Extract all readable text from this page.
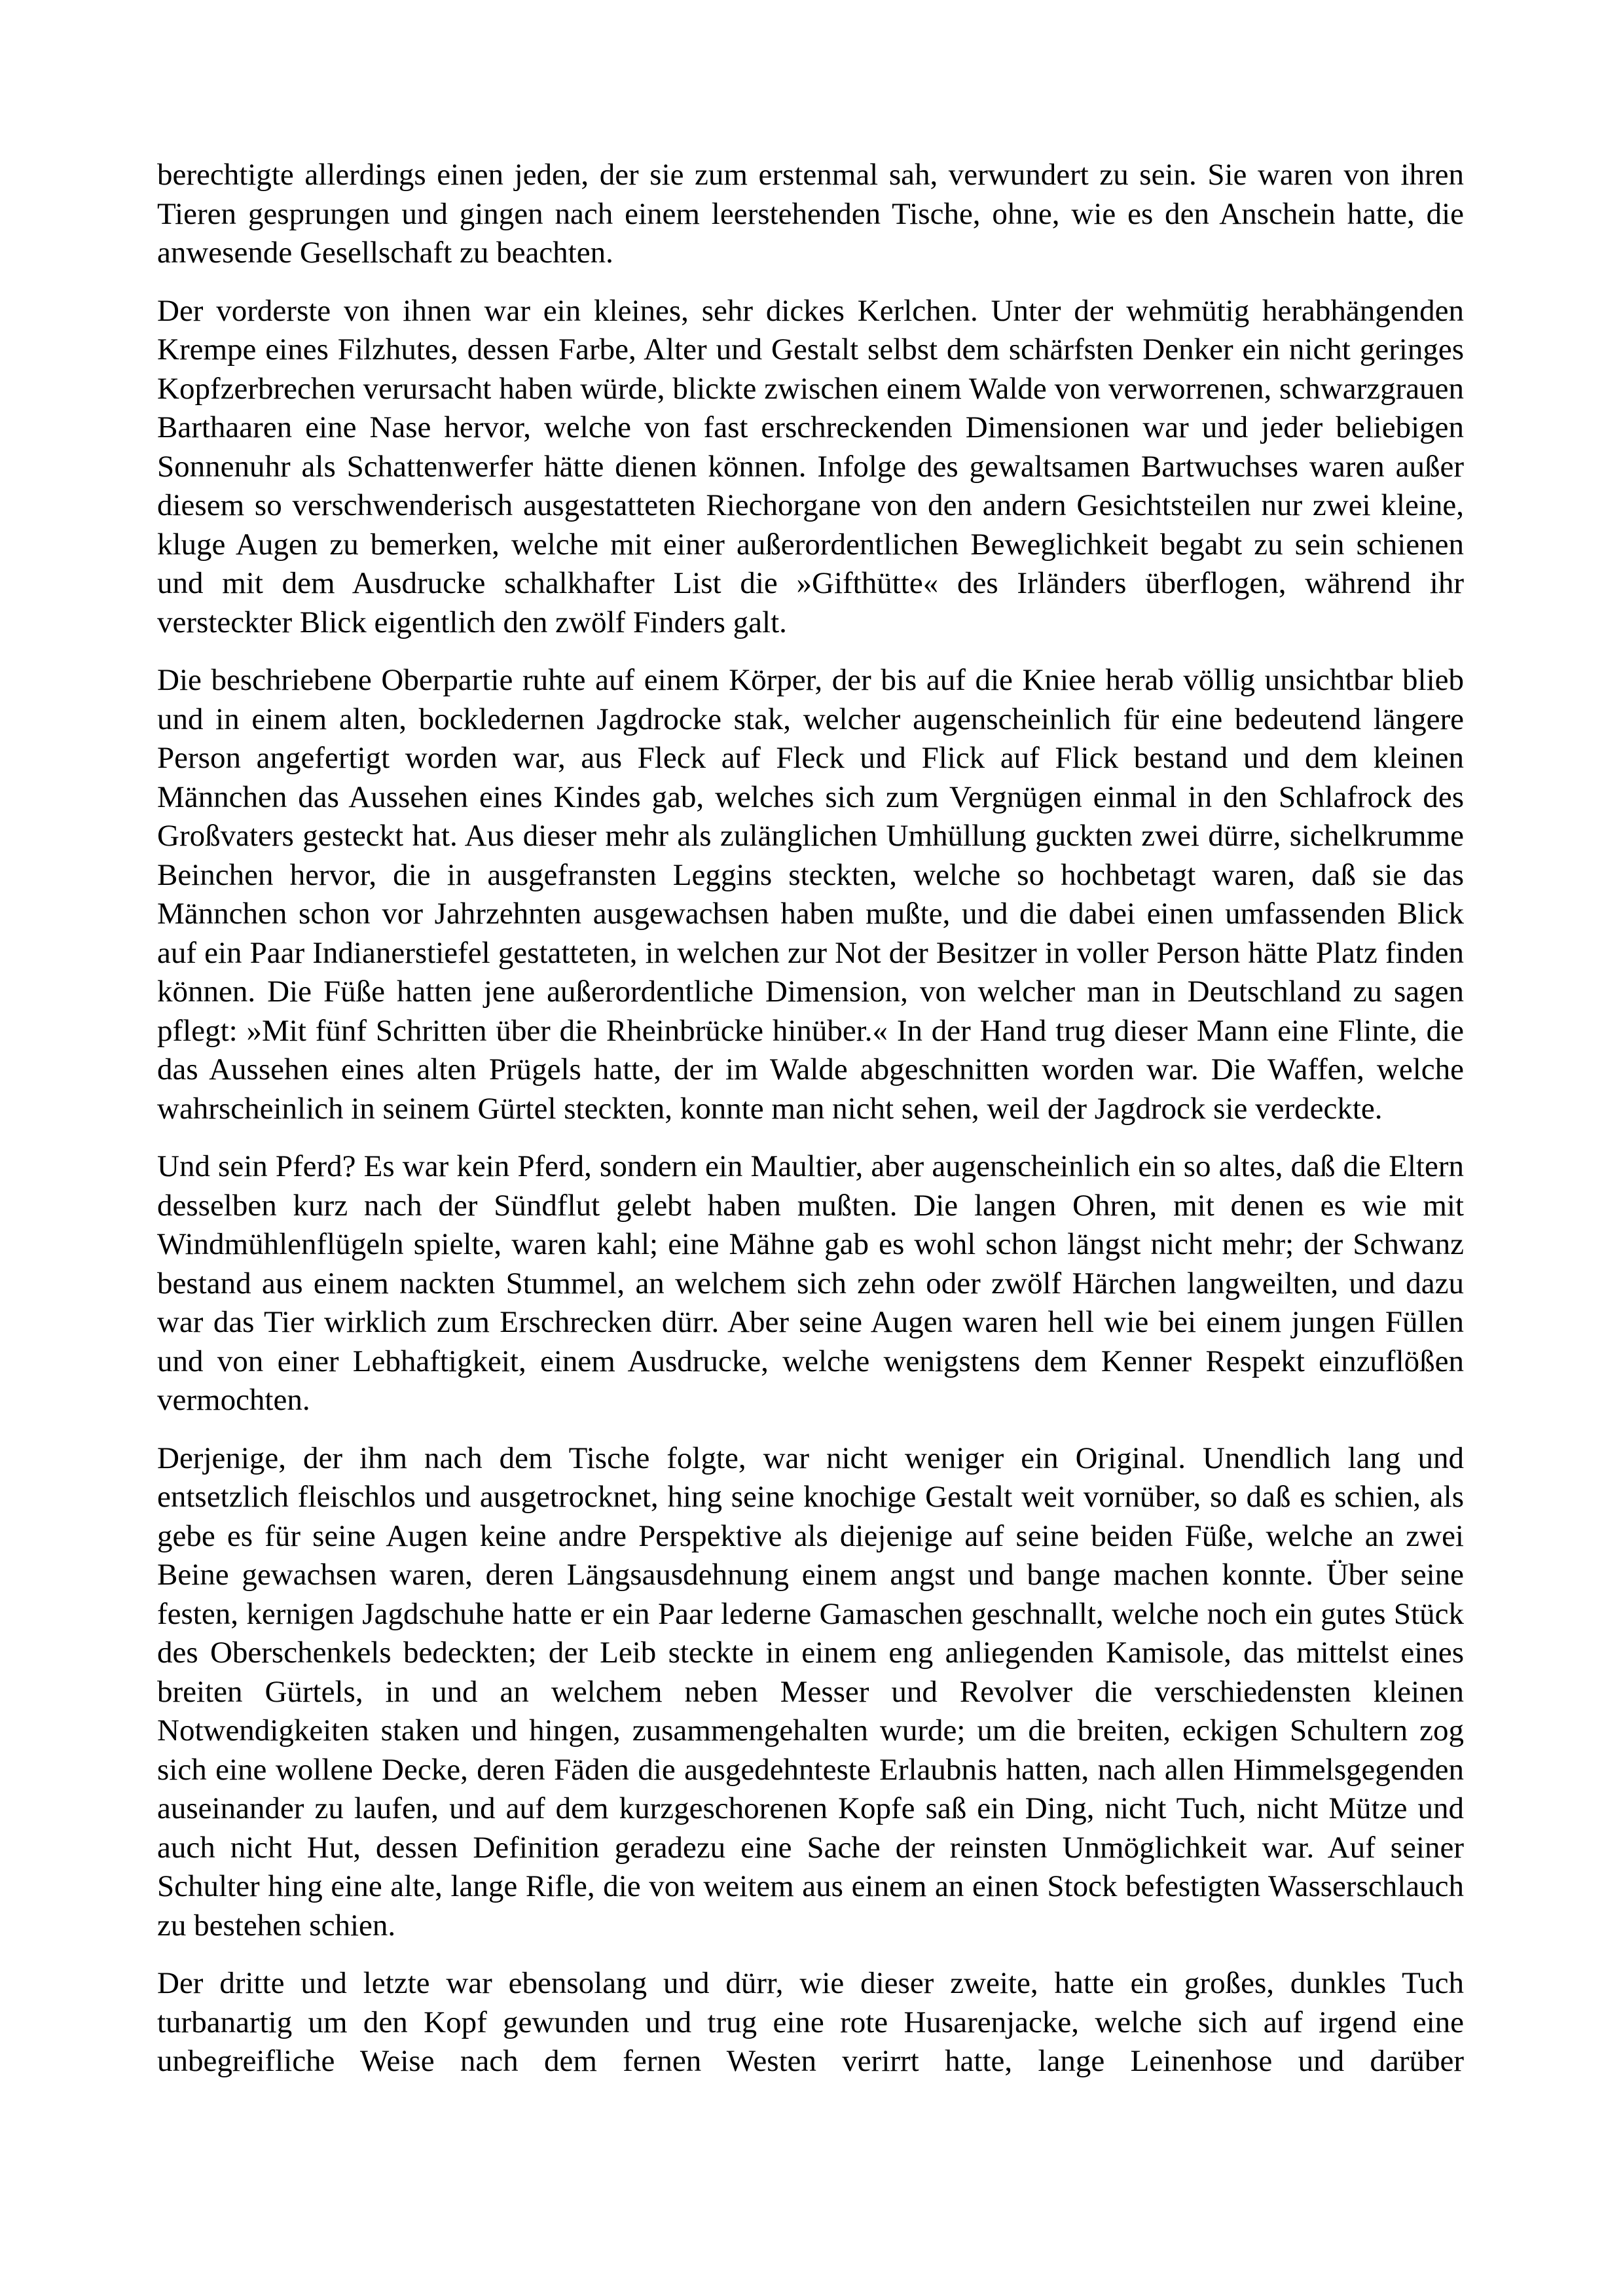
berechtigte allerdings einen jeden, der sie zum erstenmal sah, verwundert zu sein. Sie waren von ihren Tieren gesprungen und gingen nach einem leerstehenden Tische, ohne, wie es den Anschein hatte, die anwesende Gesellschaft zu beachten.

Der vorderste von ihnen war ein kleines, sehr dickes Kerlchen. Unter der wehmütig herabhängenden Krempe eines Filzhutes, dessen Farbe, Alter und Gestalt selbst dem schärfsten Denker ein nicht geringes Kopfzerbrechen verursacht haben würde, blickte zwischen einem Walde von verworrenen, schwarzgrauen Barthaaren eine Nase hervor, welche von fast erschreckenden Dimensionen war und jeder beliebigen Sonnenuhr als Schattenwerfer hätte dienen können. Infolge des gewaltsamen Bartwuchses waren außer diesem so verschwenderisch ausgestatteten Riechorgane von den andern Gesichtsteilen nur zwei kleine, kluge Augen zu bemerken, welche mit einer außerordentlichen Beweglichkeit begabt zu sein schienen und mit dem Ausdrucke schalkhafter List die »Gifthütte« des Irländers überflogen, während ihr versteckter Blick eigentlich den zwölf Finders galt.

Die beschriebene Oberpartie ruhte auf einem Körper, der bis auf die Kniee herab völlig unsichtbar blieb und in einem alten, bockledernen Jagdrocke stak, welcher augenscheinlich für eine bedeutend längere Person angefertigt worden war, aus Fleck auf Fleck und Flick auf Flick bestand und dem kleinen Männchen das Aussehen eines Kindes gab, welches sich zum Vergnügen einmal in den Schlafrock des Großvaters gesteckt hat. Aus dieser mehr als zulänglichen Umhüllung guckten zwei dürre, sichelkrumme Beinchen hervor, die in ausgefransten Leggins steckten, welche so hochbetagt waren, daß sie das Männchen schon vor Jahrzehnten ausgewachsen haben mußte, und die dabei einen umfassenden Blick auf ein Paar Indianerstiefel gestatteten, in welchen zur Not der Besitzer in voller Person hätte Platz finden können. Die Füße hatten jene außerordentliche Dimension, von welcher man in Deutschland zu sagen pflegt: »Mit fünf Schritten über die Rheinbrücke hinüber.« In der Hand trug dieser Mann eine Flinte, die das Aussehen eines alten Prügels hatte, der im Walde abgeschnitten worden war. Die Waffen, welche wahrscheinlich in seinem Gürtel steckten, konnte man nicht sehen, weil der Jagdrock sie verdeckte.

Und sein Pferd? Es war kein Pferd, sondern ein Maultier, aber augenscheinlich ein so altes, daß die Eltern desselben kurz nach der Sündflut gelebt haben mußten. Die langen Ohren, mit denen es wie mit Windmühlenflügeln spielte, waren kahl; eine Mähne gab es wohl schon längst nicht mehr; der Schwanz bestand aus einem nackten Stummel, an welchem sich zehn oder zwölf Härchen langweilten, und dazu war das Tier wirklich zum Erschrecken dürr. Aber seine Augen waren hell wie bei einem jungen Füllen und von einer Lebhaftigkeit, einem Ausdrucke, welche wenigstens dem Kenner Respekt einzuflößen vermochten.

Derjenige, der ihm nach dem Tische folgte, war nicht weniger ein Original. Unendlich lang und entsetzlich fleischlos und ausgetrocknet, hing seine knochige Gestalt weit vornüber, so daß es schien, als gebe es für seine Augen keine andre Perspektive als diejenige auf seine beiden Füße, welche an zwei Beine gewachsen waren, deren Längsausdehnung einem angst und bange machen konnte. Über seine festen, kernigen Jagdschuhe hatte er ein Paar lederne Gamaschen geschnallt, welche noch ein gutes Stück des Oberschenkels bedeckten; der Leib steckte in einem eng anliegenden Kamisole, das mittelst eines breiten Gürtels, in und an welchem neben Messer und Revolver die verschiedensten kleinen Notwendigkeiten staken und hingen, zusammengehalten wurde; um die breiten, eckigen Schultern zog sich eine wollene Decke, deren Fäden die ausgedehnteste Erlaubnis hatten, nach allen Himmelsgegenden auseinander zu laufen, und auf dem kurzgeschorenen Kopfe saß ein Ding, nicht Tuch, nicht Mütze und auch nicht Hut, dessen Definition geradezu eine Sache der reinsten Unmöglichkeit war. Auf seiner Schulter hing eine alte, lange Rifle, die von weitem aus einem an einen Stock befestigten Wasserschlauch zu bestehen schien.

Der dritte und letzte war ebensolang und dürr, wie dieser zweite, hatte ein großes, dunkles Tuch turbanartig um den Kopf gewunden und trug eine rote Husarenjacke, welche sich auf irgend eine unbegreifliche Weise nach dem fernen Westen verirrt hatte, lange Leinenhose und darüber
